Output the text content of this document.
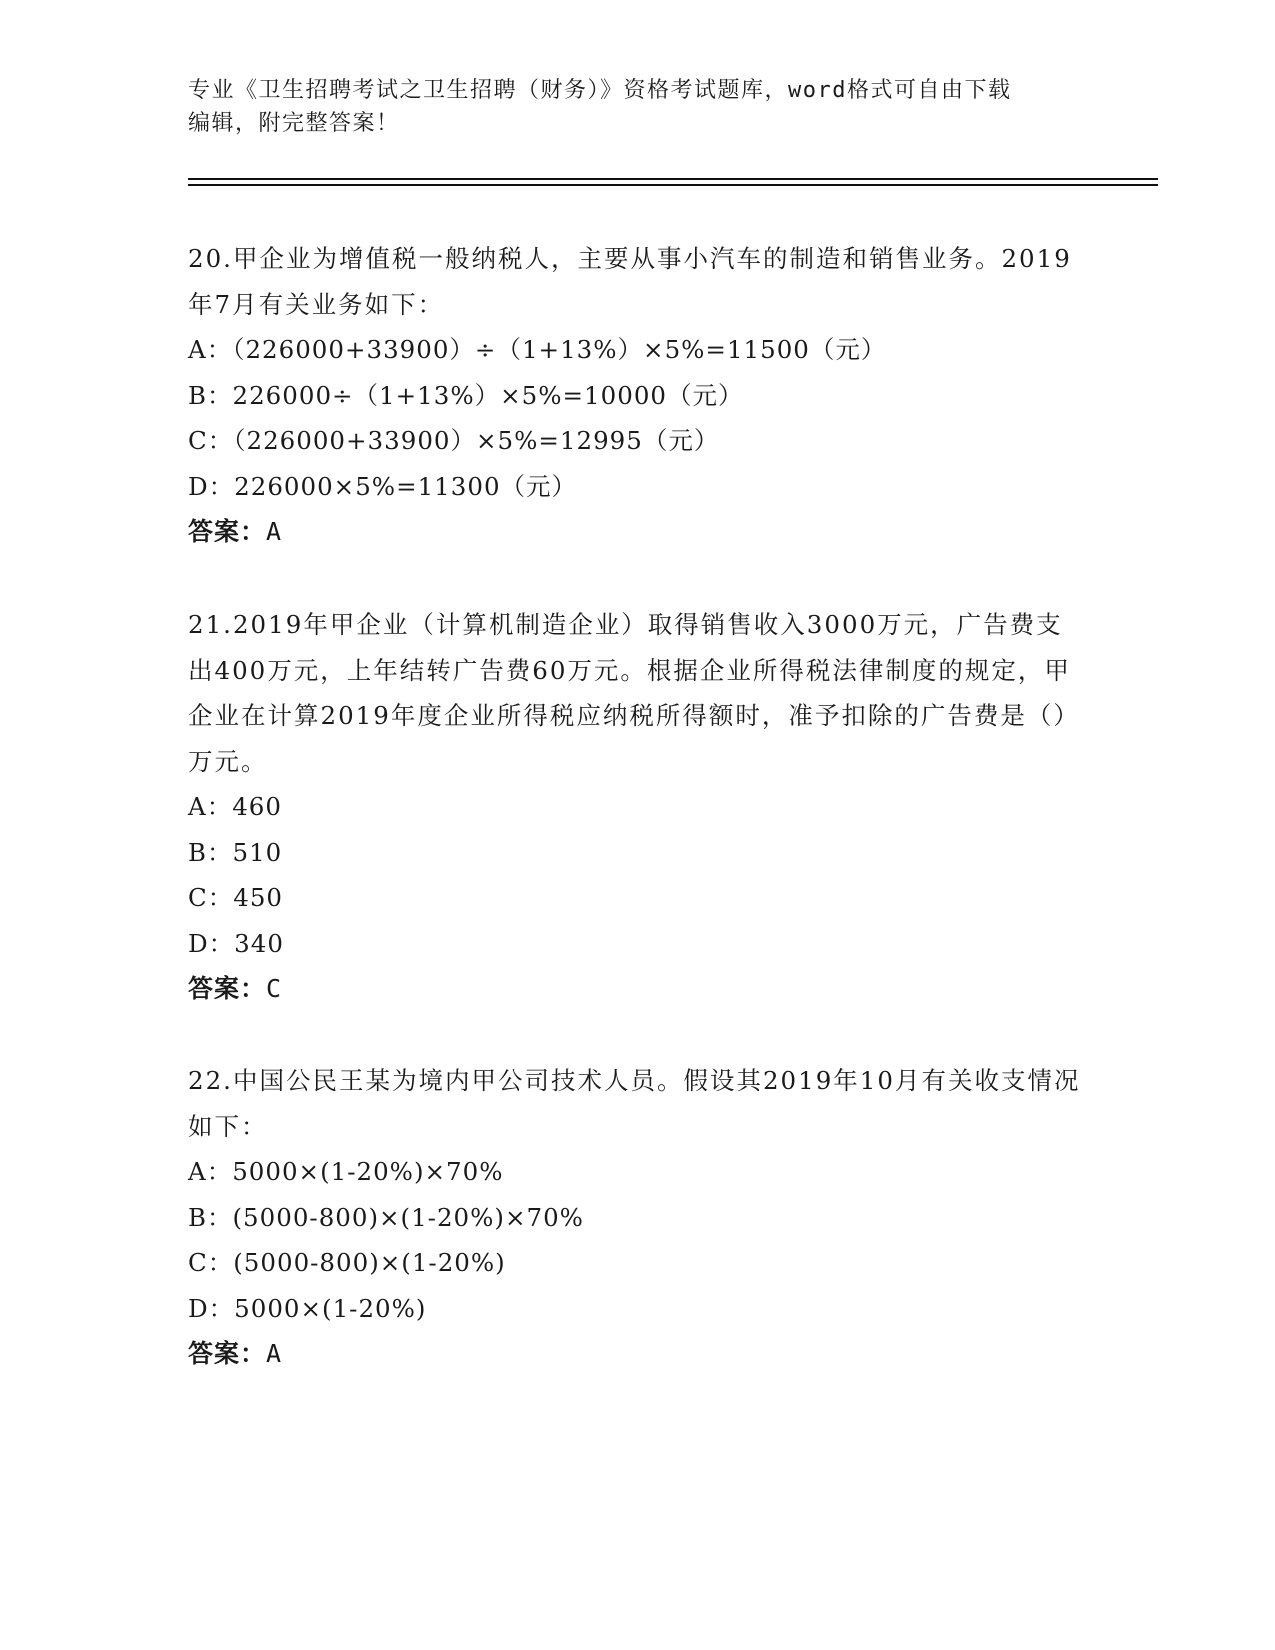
专业《卫生招聘考试之卫生招聘（财务）》资格考试题库，word格式可自由下载
编辑，附完整答案！

20.甲企业为增值税一般纳税人，主要从事小汽车的制造和销售业务。2019年7月有关业务如下：

A：（226000+33900）÷（1+13%）×5%=11500（元）

B：226000÷（1+13%）×5%=10000（元）

C：（226000+33900）×5%=12995（元）

D：226000×5%=11300（元）

答案：A

21.2019年甲企业（计算机制造企业）取得销售收入3000万元，广告费支出400万元，上年结转广告费60万元。根据企业所得税法律制度的规定，甲企业在计算2019年度企业所得税应纳税所得额时，准予扣除的广告费是（）万元。

A：460

B：510

C：450

D：340

答案：C

22.中国公民王某为境内甲公司技术人员。假设其2019年10月有关收支情况如下：

A：5000×(1-20%)×70%

B：(5000-800)×(1-20%)×70%

C：(5000-800)×(1-20%)

D：5000×(1-20%)

答案：A
